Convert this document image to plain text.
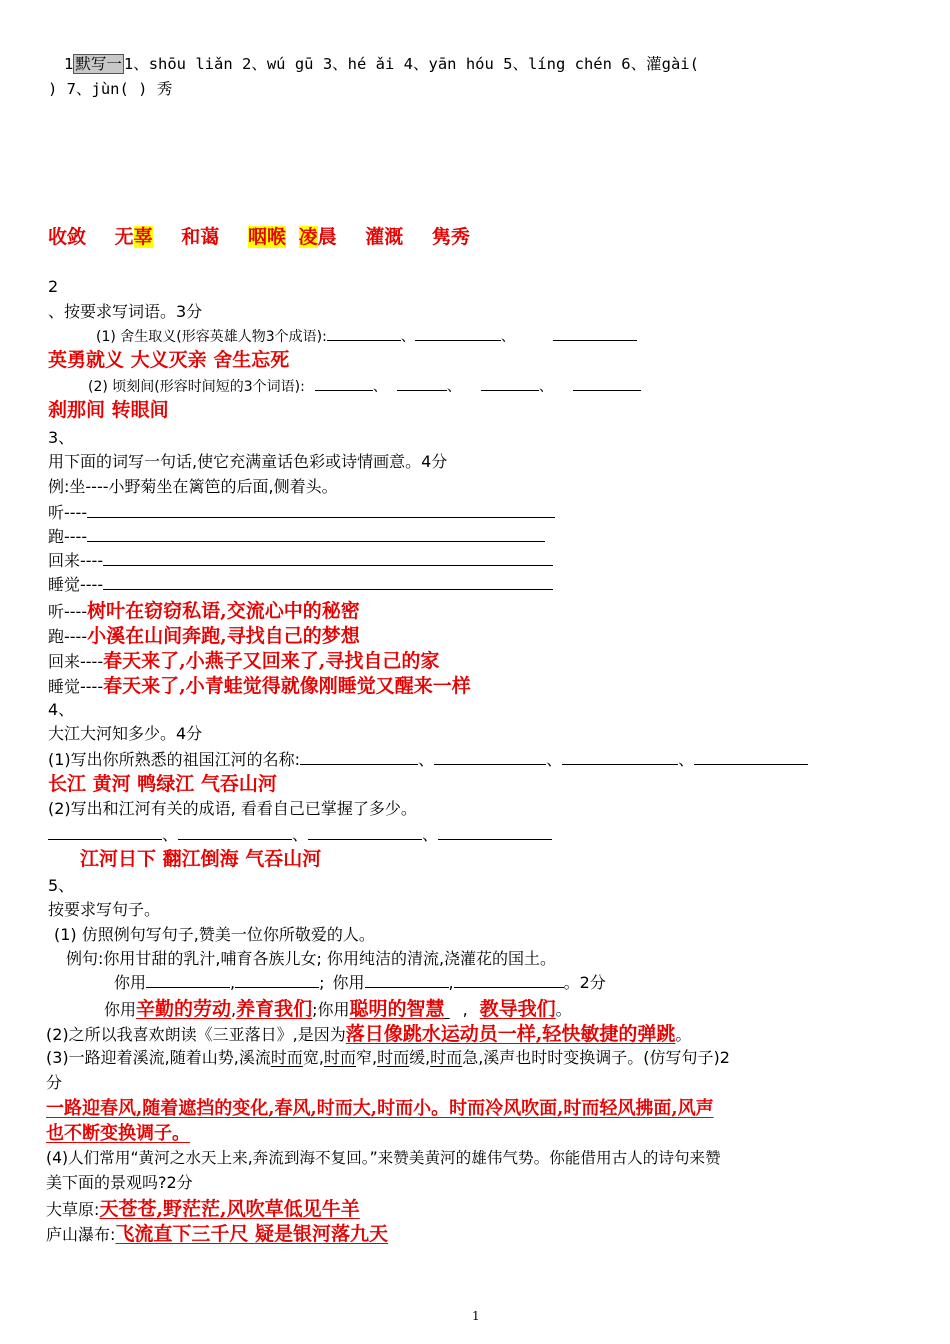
1 默写一 1、shōu liǎn 2、wú gū 3、hé ǎi 4、yān hóu 5、líng chén 6、灌gài(
) 7、jùn( ) 秀
收敛 无辜 和蔼 咽喉 凌晨 灌溉 隽秀
2
、按要求写词语。3分
(1) 舍生取义(形容英雄人物3个成语):	、	、
英勇就义 大义灭亲 舍生忘死
(2) 顷刻间(形容时间短的3个词语):	、	、	、
刹那间 转眼间
3、
用下面的词写一句话,使它充满童话色彩或诗情画意。4分
例:坐----小野菊坐在篱笆的后面,侧着头。
听----
跑----
回来----
睡觉----
听----树叶在窃窃私语,交流心中的秘密
跑----小溪在山间奔跑,寻找自己的梦想
回来----春天来了,小燕子又回来了,寻找自己的家
睡觉----春天来了,小青蛙觉得就像刚睡觉又醒来一样
4、
大江大河知多少。4分
(1)写出你所熟悉的祖国江河的名称:	、	、	、
长江 黄河 鸭绿江 气吞山河
(2)写出和江河有关的成语, 看看自己已掌握了多少。
、	、	、
江河日下 翻江倒海 气吞山河
5、
按要求写句子。
(1) 仿照例句写句子,赞美一位你所敬爱的人。
例句:你用甘甜的乳汁,哺育各族儿女; 你用纯洁的清流,浇灌花的国土。
你用	,	; 你用	,	。2分
你用辛勤的劳动,养育我们;你用聪明的智慧 , 教导我们。
(2)之所以我喜欢朗读《三亚落日》,是因为落日像跳水运动员一样,轻快敏捷的弹跳。
(3)一路迎着溪流,随着山势,溪流时而宽,时而窄,时而缓,时而急,溪声也时时变换调子。(仿写句子)2
分
一路迎春风,随着遮挡的变化,春风,时而大,时而小。时而冷风吹面,时而轻风拂面,风声
也不断变换调子。
(4)人们常用“黄河之水天上来,奔流到海不复回。”来赞美黄河的雄伟气势。你能借用古人的诗句来赞
美下面的景观吗?2分
大草原:天苍苍,野茫茫,风吹草低见牛羊
庐山瀑布:飞流直下三千尺 疑是银河落九天
1
